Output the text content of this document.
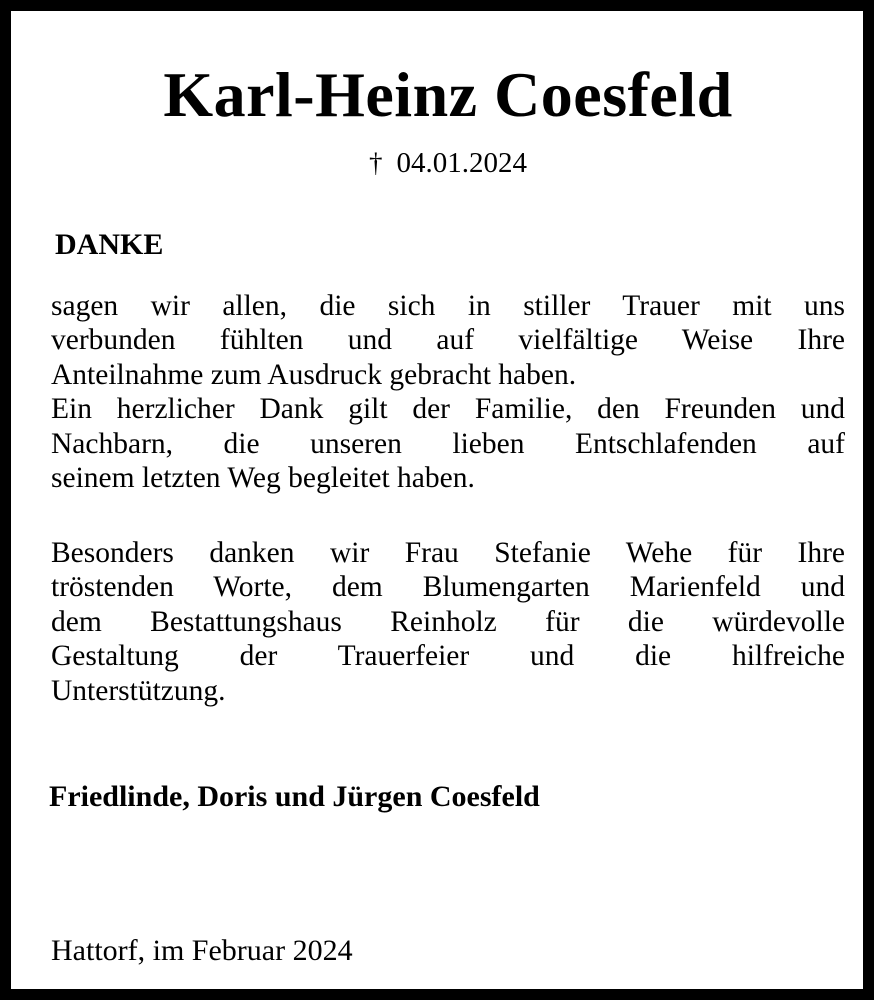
Karl-Heinz Coesfeld
† 04.01.2024
DANKE

sagen wir allen, die sich in stiller Trauer mit uns
verbunden fühlten und auf vielfältige Weise Ihre
Anteilnahme zum Ausdruck gebracht haben.
Ein herzlicher Dank gilt der Familie, den Freunden und
Nachbarn, die unseren lieben Entschlafenden auf
seinem letzten Weg begleitet haben.

Besonders danken wir Frau Stefanie Wehe für Ihre
tröstenden Worte, dem Blumengarten Marienfeld und
dem Bestattungshaus Reinholz für die würdevolle
Gestaltung der Trauerfeier und die hilfreiche
Unterstützung.

Friedlinde, Doris und Jürgen Coesfeld

Hattorf, im Februar 2024
